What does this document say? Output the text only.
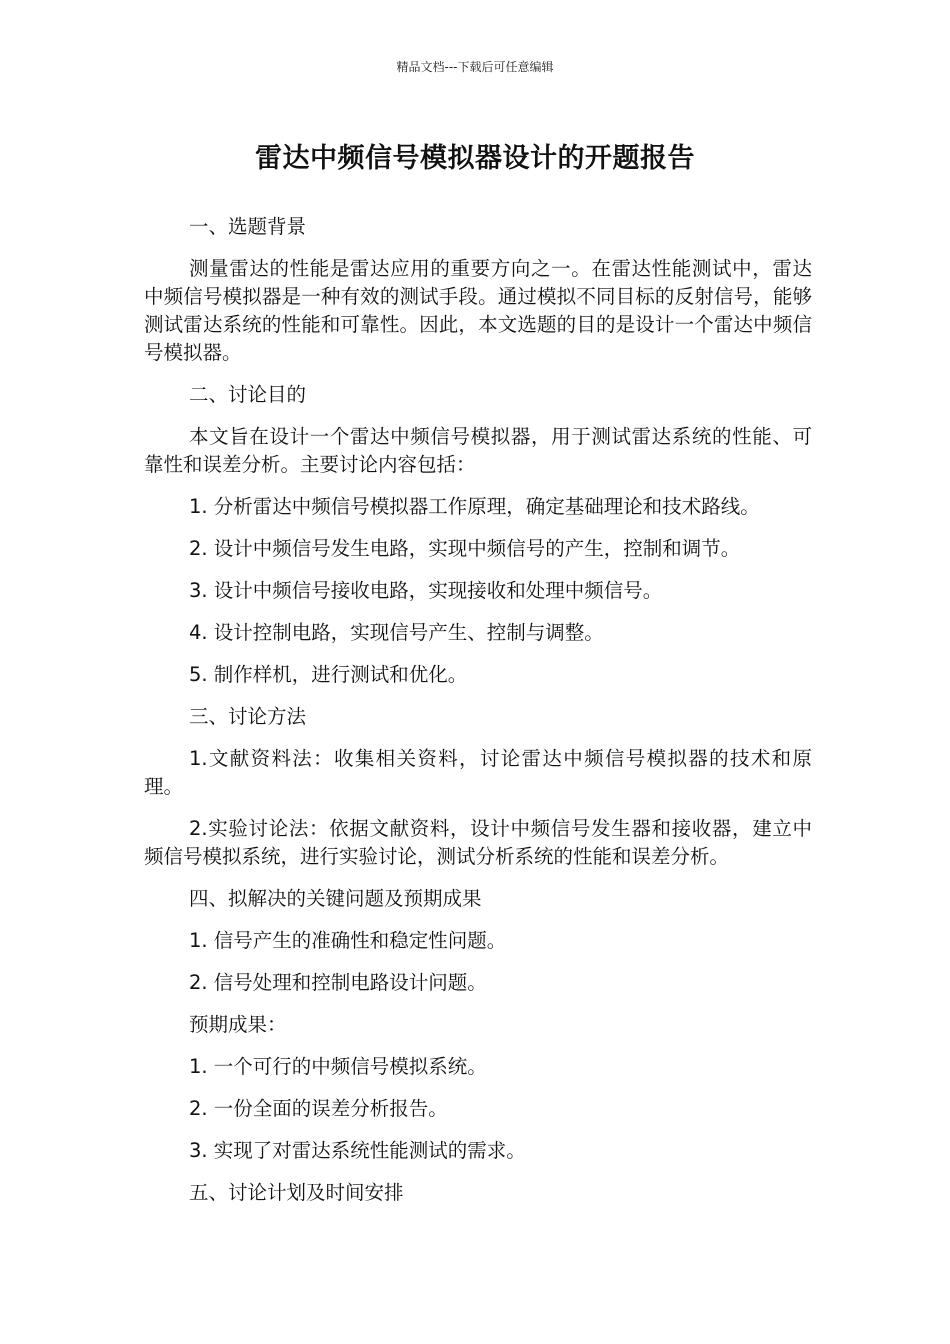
精品文档---下载后可任意编辑
雷达中频信号模拟器设计的开题报告

一、选题背景

测量雷达的性能是雷达应用的重要方向之一。在雷达性能测试中，雷达中频信号模拟器是一种有效的测试手段。通过模拟不同目标的反射信号，能够测试雷达系统的性能和可靠性。因此，本文选题的目的是设计一个雷达中频信号模拟器。

二、讨论目的

本文旨在设计一个雷达中频信号模拟器，用于测试雷达系统的性能、可靠性和误差分析。主要讨论内容包括：

1. 分析雷达中频信号模拟器工作原理，确定基础理论和技术路线。

2. 设计中频信号发生电路，实现中频信号的产生，控制和调节。

3. 设计中频信号接收电路，实现接收和处理中频信号。

4. 设计控制电路，实现信号产生、控制与调整。

5. 制作样机，进行测试和优化。

三、讨论方法

1.文献资料法：收集相关资料，讨论雷达中频信号模拟器的技术和原理。

2.实验讨论法：依据文献资料，设计中频信号发生器和接收器，建立中频信号模拟系统，进行实验讨论，测试分析系统的性能和误差分析。

四、拟解决的关键问题及预期成果

1. 信号产生的准确性和稳定性问题。

2. 信号处理和控制电路设计问题。

预期成果：

1. 一个可行的中频信号模拟系统。

2. 一份全面的误差分析报告。

3. 实现了对雷达系统性能测试的需求。

五、讨论计划及时间安排
